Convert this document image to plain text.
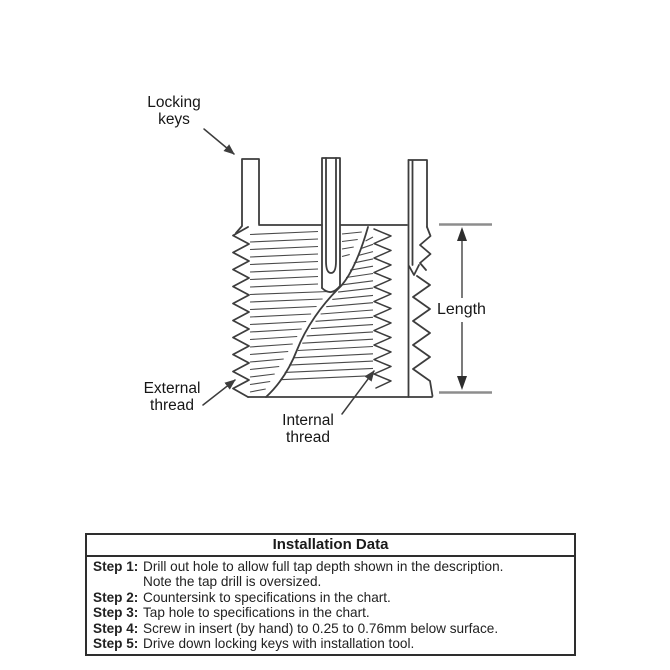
Locking
keys
External
thread
Internal
thread
Length
Installation Data
Step 1: Drill out hole to allow full tap depth shown in the description.
Note the tap drill is oversized.
Step 2: Countersink to specifications in the chart.
Step 3: Tap hole to specifications in the chart.
Step 4: Screw in insert (by hand) to 0.25 to 0.76mm below surface.
Step 5: Drive down locking keys with installation tool.
